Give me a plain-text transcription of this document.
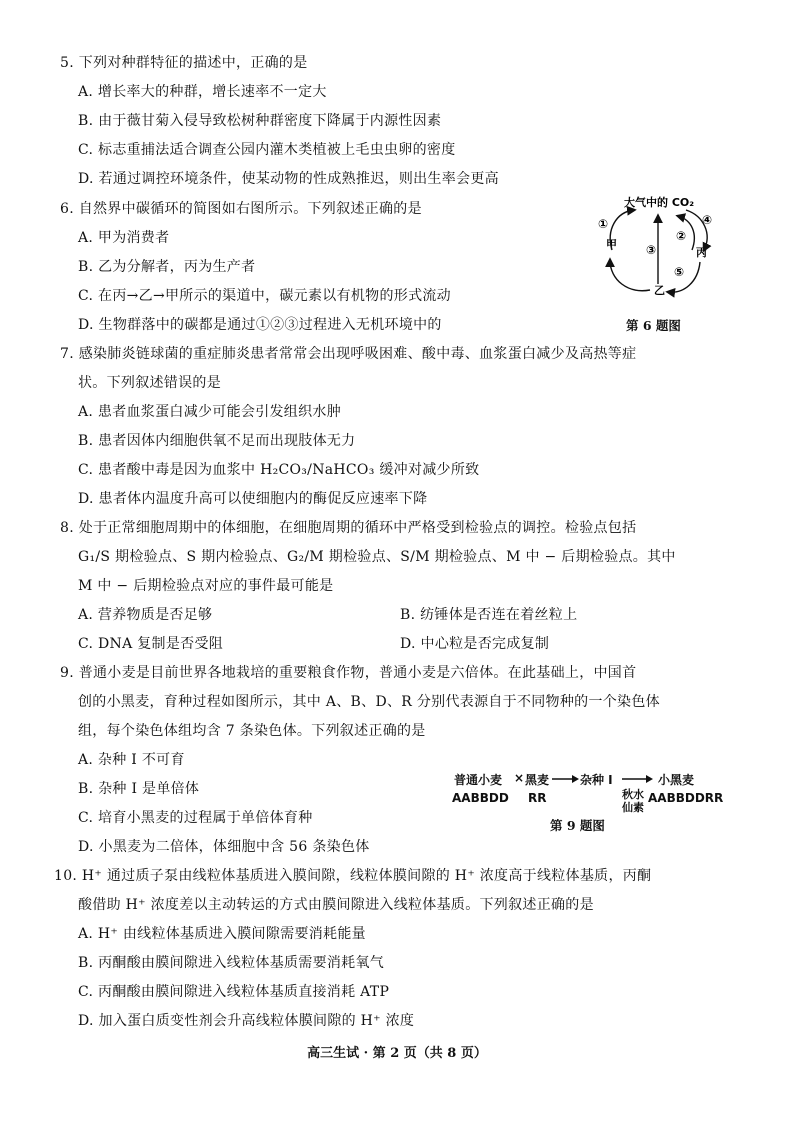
5. 下列对种群特征的描述中，正确的是
A. 增长率大的种群，增长速率不一定大
B. 由于薇甘菊入侵导致松树种群密度下降属于内源性因素
C. 标志重捕法适合调查公园内灌木类植被上毛虫虫卵的密度
D. 若通过调控环境条件，使某动物的性成熟推迟，则出生率会更高
6. 自然界中碳循环的简图如右图所示。下列叙述正确的是
A. 甲为消费者
B. 乙为分解者，丙为生产者
C. 在丙→乙→甲所示的渠道中，碳元素以有机物的形式流动
D. 生物群落中的碳都是通过①②③过程进入无机环境中的
大气中的 CO₂
甲
丙
乙
①
②
③
④
⑤
第 6 题图
7. 感染肺炎链球菌的重症肺炎患者常常会出现呼吸困难、酸中毒、血浆蛋白减少及高热等症
状。下列叙述错误的是
A. 患者血浆蛋白减少可能会引发组织水肿
B. 患者因体内细胞供氧不足而出现肢体无力
C. 患者酸中毒是因为血浆中 H₂CO₃/NaHCO₃ 缓冲对减少所致
D. 患者体内温度升高可以使细胞内的酶促反应速率下降
8. 处于正常细胞周期中的体细胞，在细胞周期的循环中严格受到检验点的调控。检验点包括
G₁/S 期检验点、S 期内检验点、G₂/M 期检验点、S/M 期检验点、M 中 − 后期检验点。其中
M 中 − 后期检验点对应的事件最可能是
A. 营养物质是否足够	B. 纺锤体是否连在着丝粒上
C. DNA 复制是否受阻	D. 中心粒是否完成复制
9. 普通小麦是目前世界各地栽培的重要粮食作物，普通小麦是六倍体。在此基础上，中国首
创的小黑麦，育种过程如图所示，其中 A、B、D、R 分别代表源自于不同物种的一个染色体
组，每个染色体组均含 7 条染色体。下列叙述正确的是
A. 杂种 I 不可育
B. 杂种 I 是单倍体
C. 培育小黑麦的过程属于单倍体育种
D. 小黑麦为二倍体，体细胞中含 56 条染色体
普通小麦 × 黑麦	杂种 I
秋水
仙素
小黑麦
AABBDD RR	AABBDDRR
第 9 题图
10. H⁺ 通过质子泵由线粒体基质进入膜间隙，线粒体膜间隙的 H⁺ 浓度高于线粒体基质，丙酮
酸借助 H⁺ 浓度差以主动转运的方式由膜间隙进入线粒体基质。下列叙述正确的是
A. H⁺ 由线粒体基质进入膜间隙需要消耗能量
B. 丙酮酸由膜间隙进入线粒体基质需要消耗氧气
C. 丙酮酸由膜间隙进入线粒体基质直接消耗 ATP
D. 加入蛋白质变性剂会升高线粒体膜间隙的 H⁺ 浓度
高三生试 · 第 2 页（共 8 页）
